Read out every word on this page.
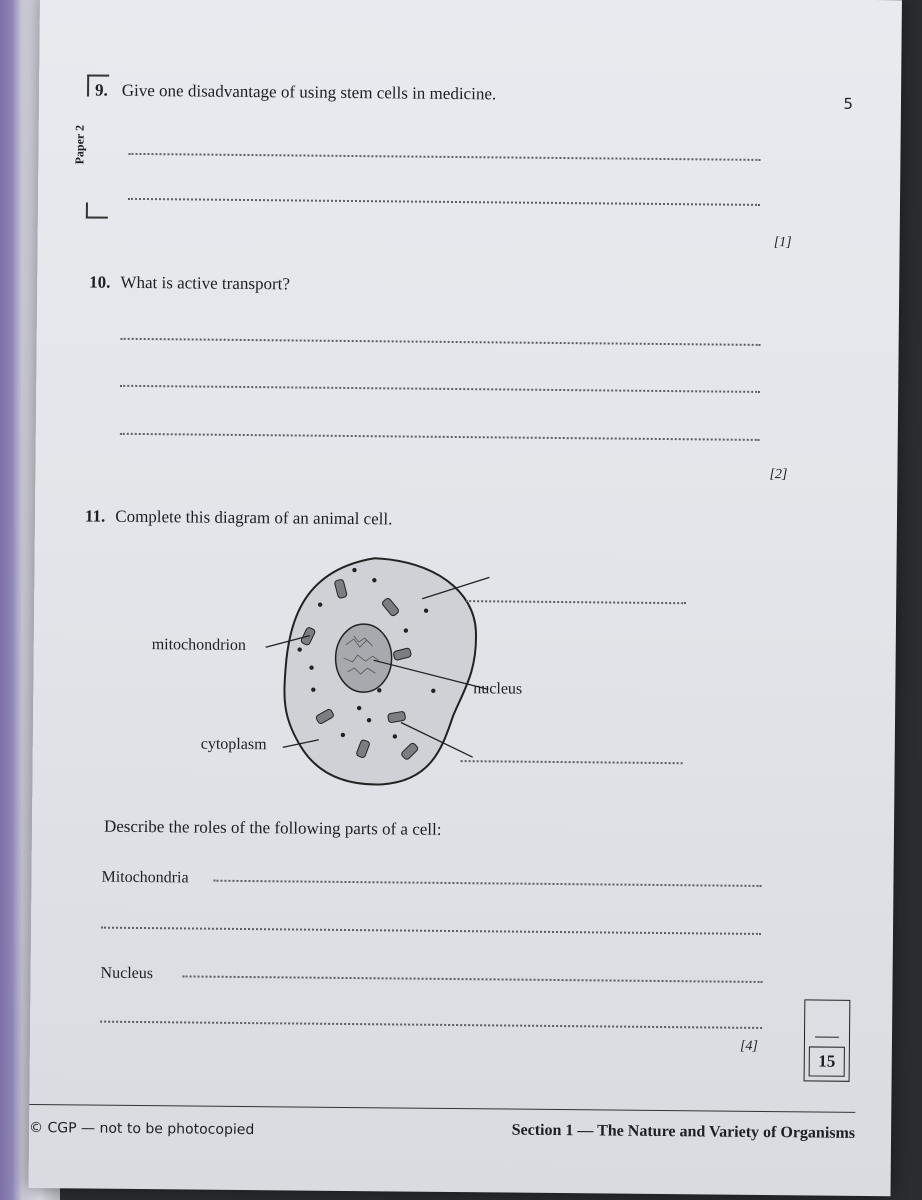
5
Paper 2
9. Give one disadvantage of using stem cells in medicine.
[1]
10. What is active transport?
[2]
11. Complete this diagram of an animal cell.
mitochondrion
nucleus
cytoplasm
Describe the roles of the following parts of a cell:
Mitochondria
Nucleus
[4]
15
© CGP — not to be photocopied	Section 1 — The Nature and Variety of Organisms
